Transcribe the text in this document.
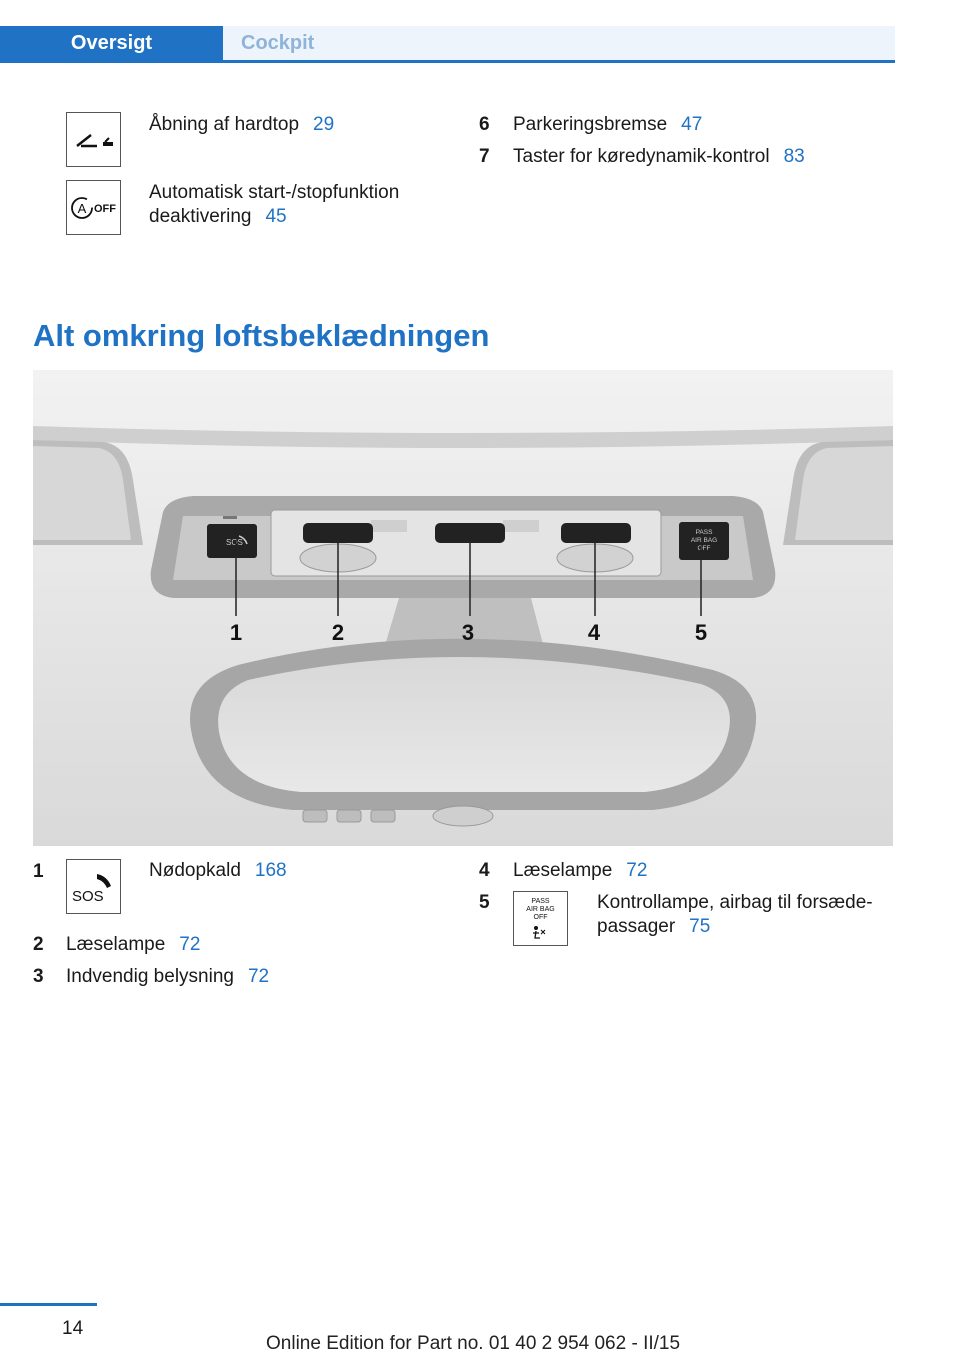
Oversigt	Cockpit
Åbning af hardtop 29
A OFF
Automatisk start-/stopfunktion deaktivering 45
6 Parkeringsbremse 47
7 Taster for køredynamik-kontrol 83
Alt omkring loftsbeklædningen
SOS
PASS
AIR BAG
OFF
1	2	3	4	5
1
SOS
Nødopkald 168
2 Læselampe 72
3 Indvendig belysning 72
4 Læselampe 72
5	PASS
AIR BAG
OFF
Kontrollampe, airbag til forsæde-
passager 75
14
Online Edition for Part no. 01 40 2 954 062 - II/15
